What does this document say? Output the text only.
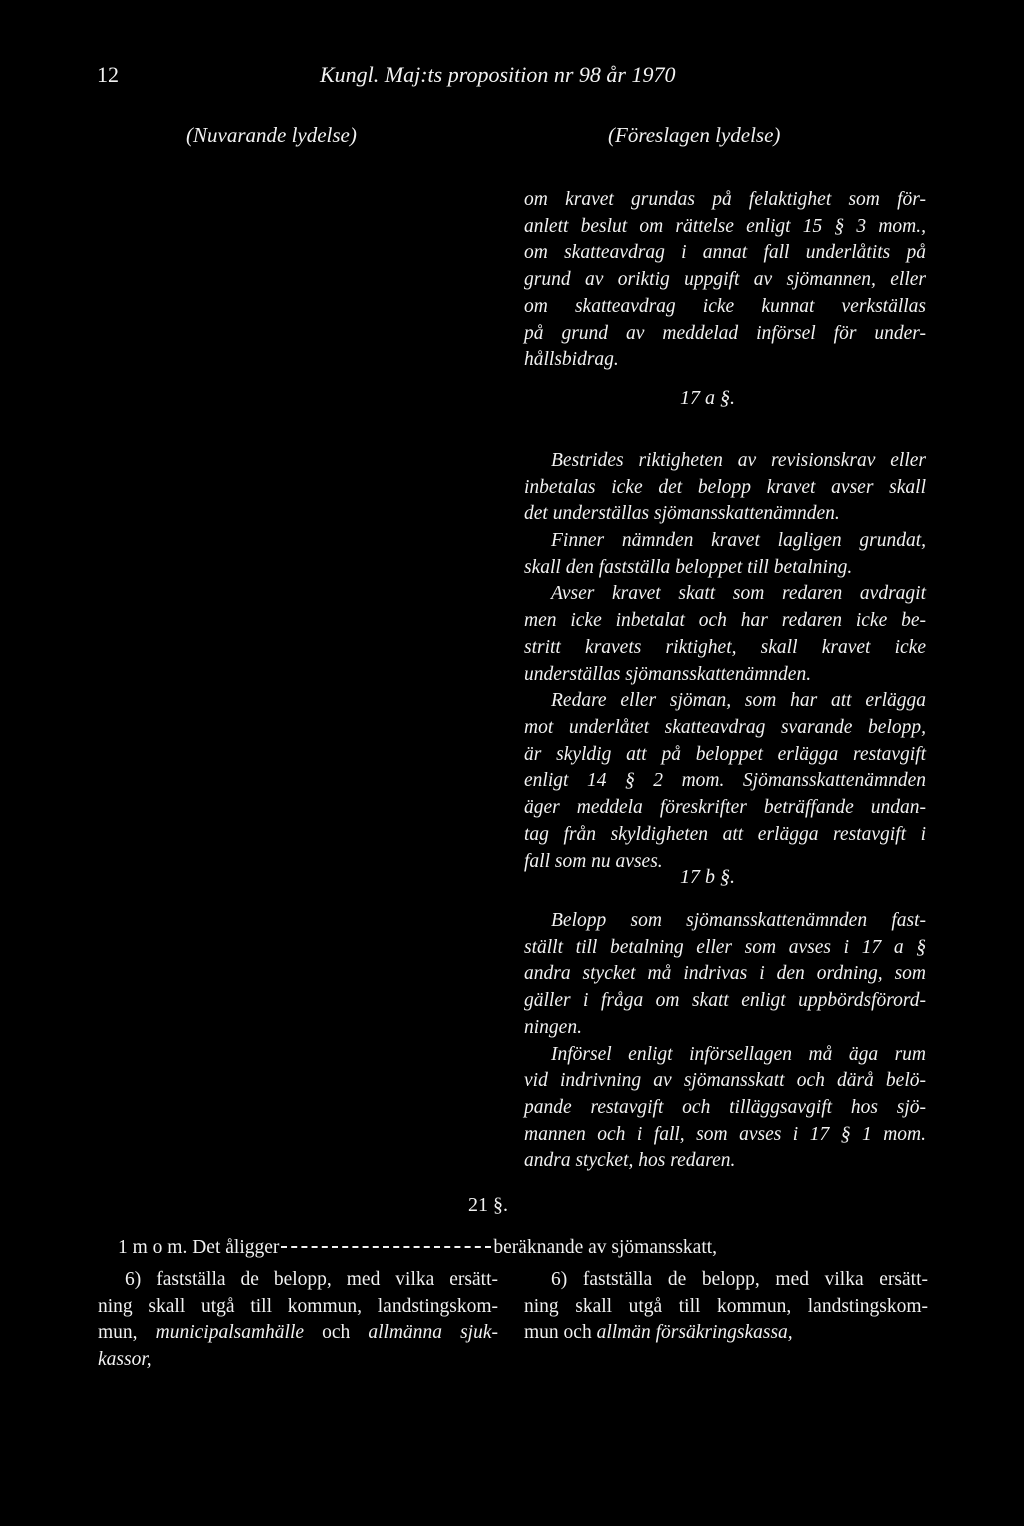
12	Kungl. Maj:ts proposition nr 98 år 1970
(Nuvarande lydelse)	(Föreslagen lydelse)
om kravet grundas på felaktighet som för-
anlett beslut om rättelse enligt 15 § 3 mom.,
om skatteavdrag i annat fall underlåtits på
grund av oriktig uppgift av sjömannen, eller
om skatteavdrag icke kunnat verkställas
på grund av meddelad införsel för under-
hållsbidrag.
17 a §.
Bestrides riktigheten av revisionskrav eller
inbetalas icke det belopp kravet avser skall
det underställas sjömansskattenämnden.
Finner nämnden kravet lagligen grundat,
skall den fastställa beloppet till betalning.
Avser kravet skatt som redaren avdragit
men icke inbetalat och har redaren icke be-
stritt kravets riktighet, skall kravet icke
underställas sjömansskattenämnden.
Redare eller sjöman, som har att erlägga
mot underlåtet skatteavdrag svarande belopp,
är skyldig att på beloppet erlägga restavgift
enligt 14 § 2 mom. Sjömansskattenämnden
äger meddela föreskrifter beträffande undan-
tag från skyldigheten att erlägga restavgift i
fall som nu avses.
17 b §.
Belopp som sjömansskattenämnden fast-
ställt till betalning eller som avses i 17 a §
andra stycket må indrivas i den ordning, som
gäller i fråga om skatt enligt uppbördsförord-
ningen.
Införsel enligt införsellagen må äga rum
vid indrivning av sjömansskatt och därå belö-
pande restavgift och tilläggsavgift hos sjö-
mannen och i fall, som avses i 17 § 1 mom.
andra stycket, hos redaren.
21 §.
1 m o m. Det åligger	beräknande av sjömansskatt,
6) fastställa de belopp, med vilka ersätt-
ning skall utgå till kommun, landstingskom-
mun, municipalsamhälle och allmänna sjuk-
kassor,
6) fastställa de belopp, med vilka ersätt-
ning skall utgå till kommun, landstingskom-
mun och allmän försäkringskassa,
